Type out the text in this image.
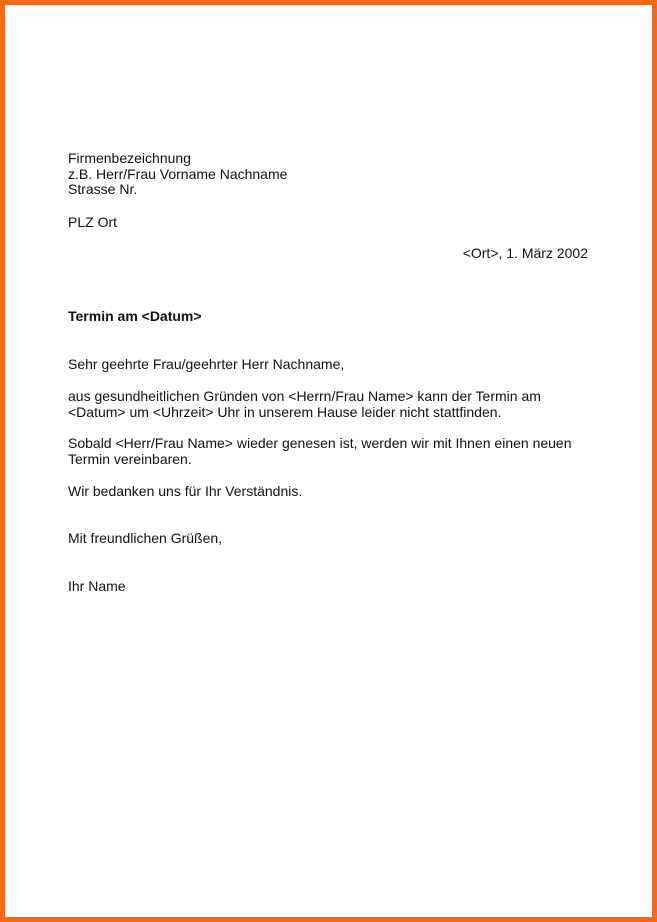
Firmenbezeichnung
z.B. Herr/Frau Vorname Nachname
Strasse Nr.
PLZ Ort
<Ort>, 1. März 2002
Termin am <Datum>
Sehr geehrte Frau/geehrter Herr Nachname,
aus gesundheitlichen Gründen von <Herrn/Frau Name> kann der Termin am
<Datum> um <Uhrzeit> Uhr in unserem Hause leider nicht stattfinden.
Sobald <Herr/Frau Name> wieder genesen ist, werden wir mit Ihnen einen neuen
Termin vereinbaren.
Wir bedanken uns für Ihr Verständnis.
Mit freundlichen Grüßen,
Ihr Name
